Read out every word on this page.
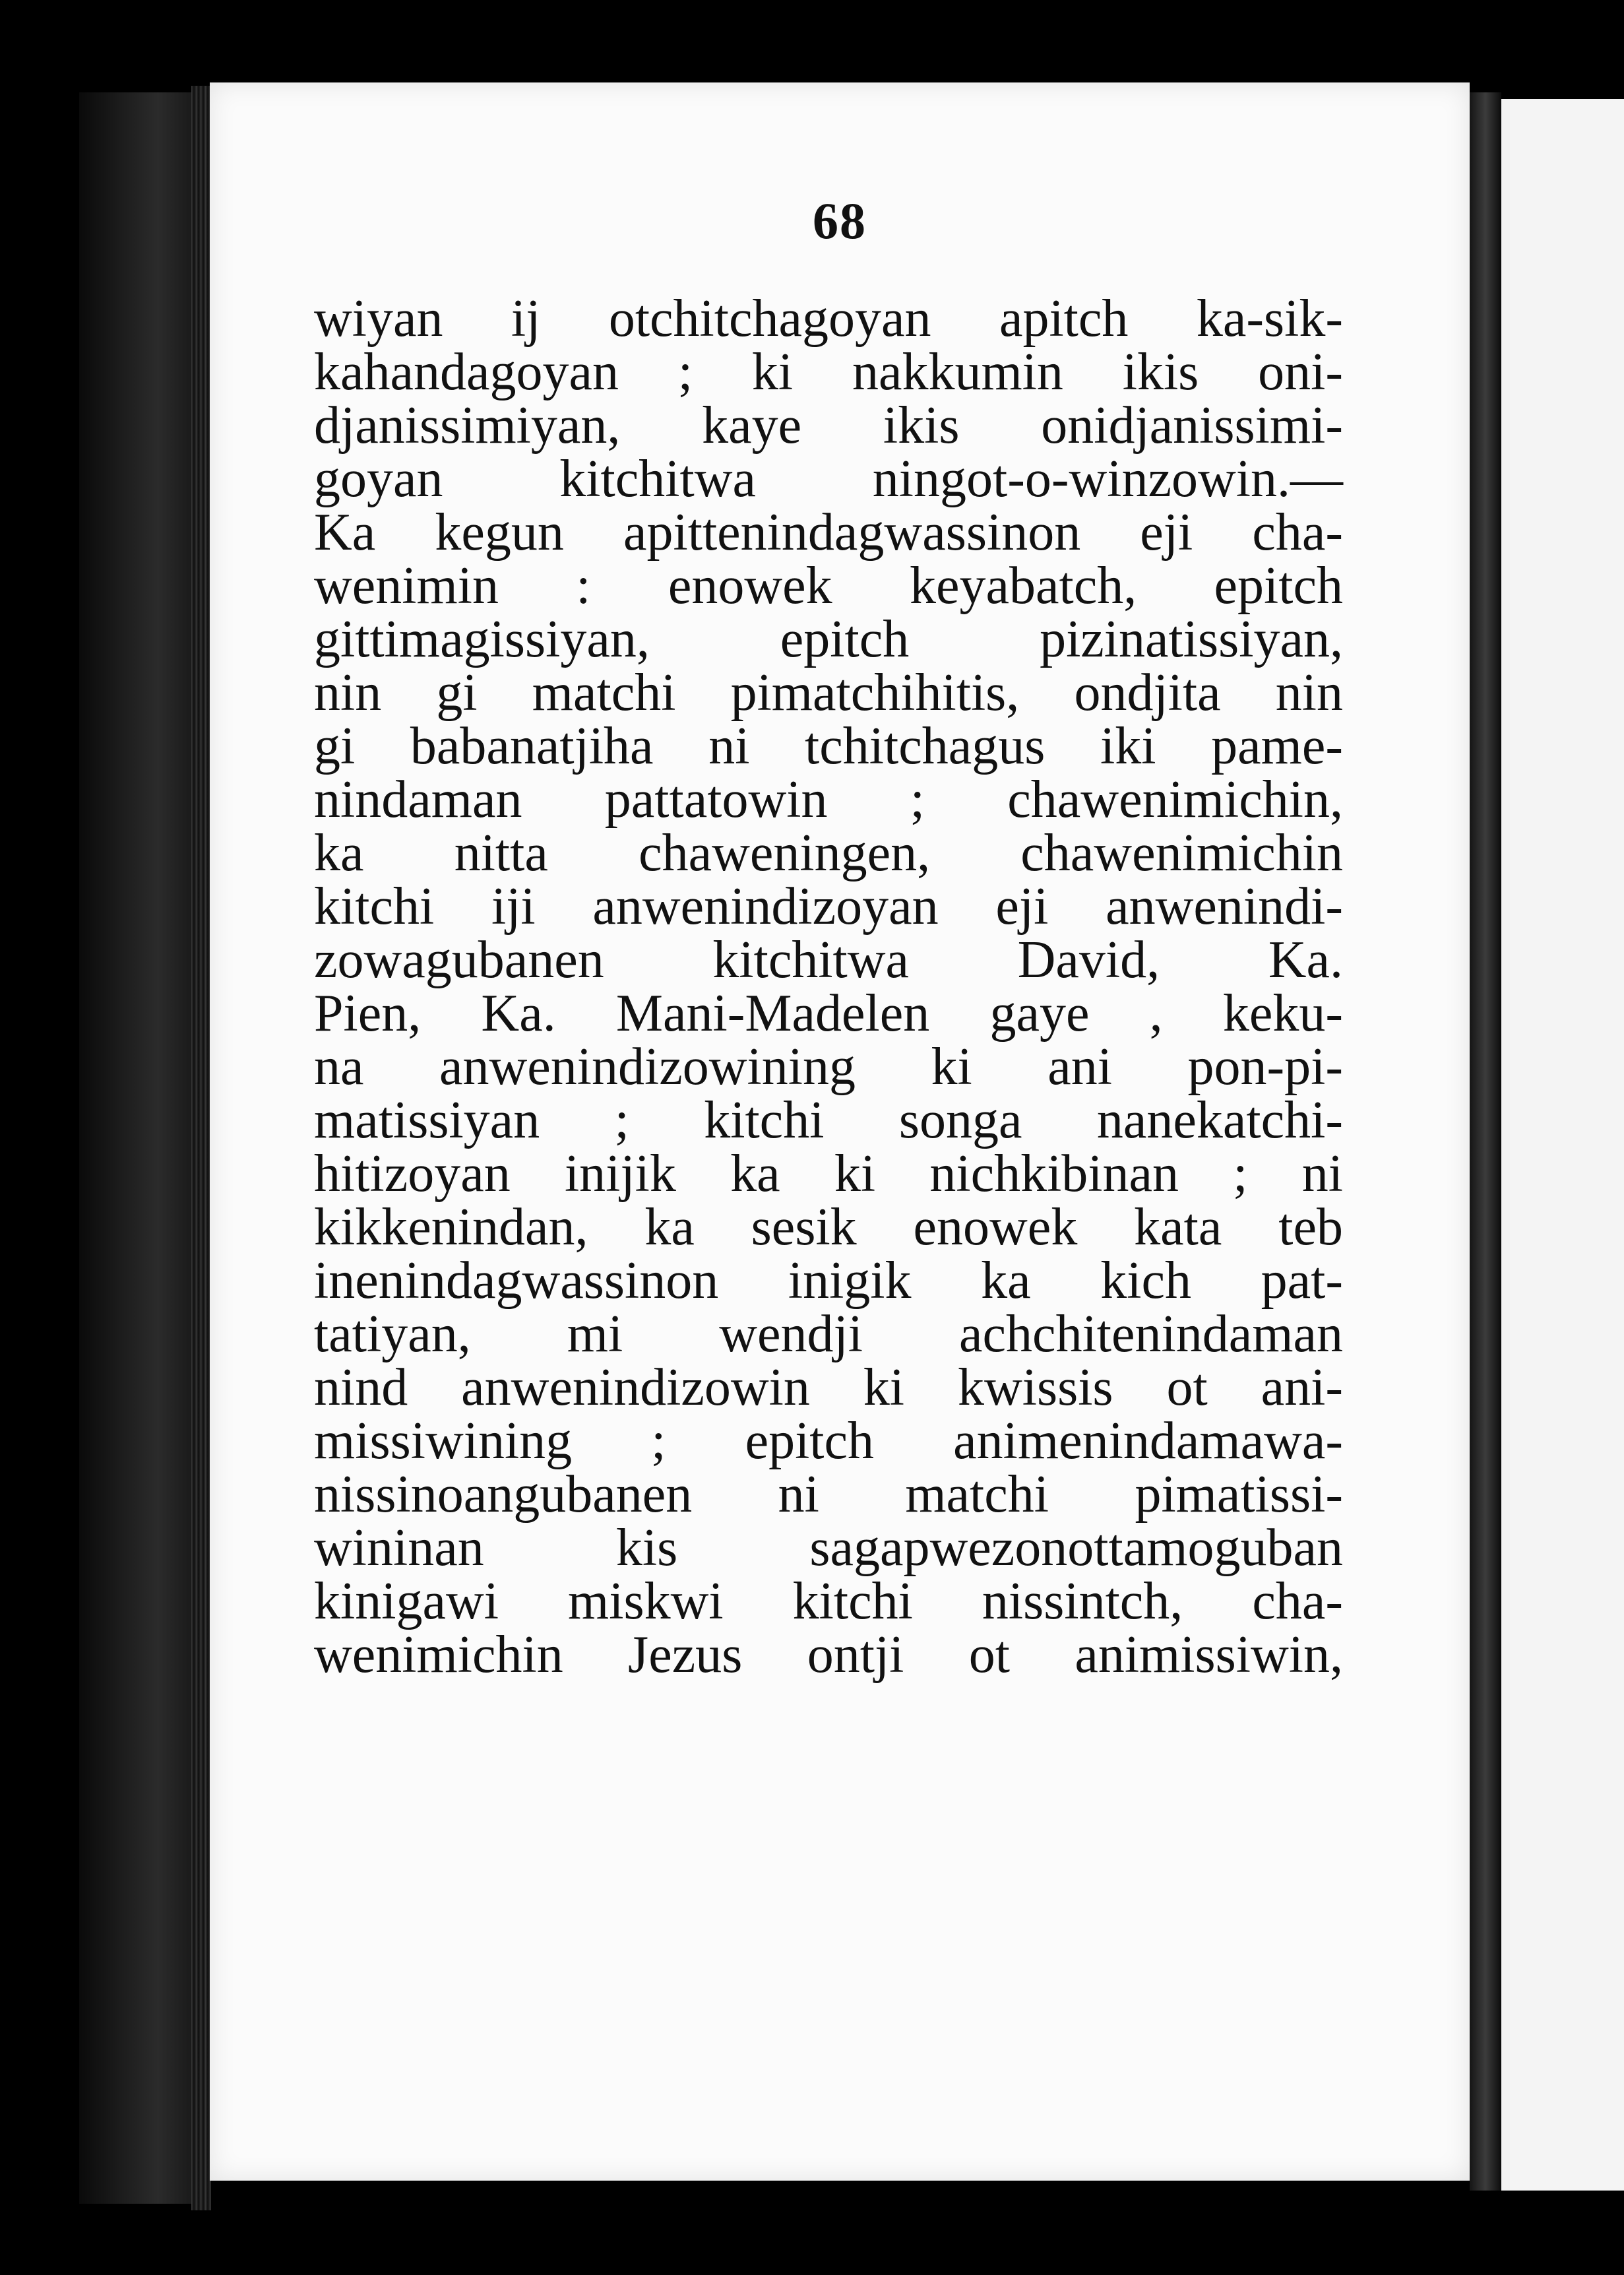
68
wiyan ij otchitchagoyan apitch ka-sik-
kahandagoyan ; ki nakkumin ikis oni-
djanissimiyan, kaye ikis onidjanissimi-
goyan kitchitwa ningot-o-winzowin.—
Ka kegun apittenindagwassinon eji cha-
wenimin : enowek keyabatch, epitch
gittimagissiyan, epitch pizinatissiyan,
nin gi matchi pimatchihitis, ondjita nin
gi babanatjiha ni tchitchagus iki pame-
nindaman pattatowin ; chawenimichin,
ka nitta chaweningen, chawenimichin
kitchi iji anwenindizoyan eji anwenindi-
zowagubanen kitchitwa David, Ka.
Pien, Ka. Mani-Madelen gaye , keku-
na anwenindizowining ki ani pon-pi-
matissiyan ; kitchi songa nanekatchi-
hitizoyan inijik ka ki nichkibinan ; ni
kikkenindan, ka sesik enowek kata teb
inenindagwassinon inigik ka kich pat-
tatiyan, mi wendji achchitenindaman
nind anwenindizowin ki kwissis ot ani-
missiwining ; epitch animenindamawa-
nissinoangubanen ni matchi pimatissi-
wininan kis sagapwezonottamoguban
kinigawi miskwi kitchi nissintch, cha-
wenimichin Jezus ontji ot animissiwin,
